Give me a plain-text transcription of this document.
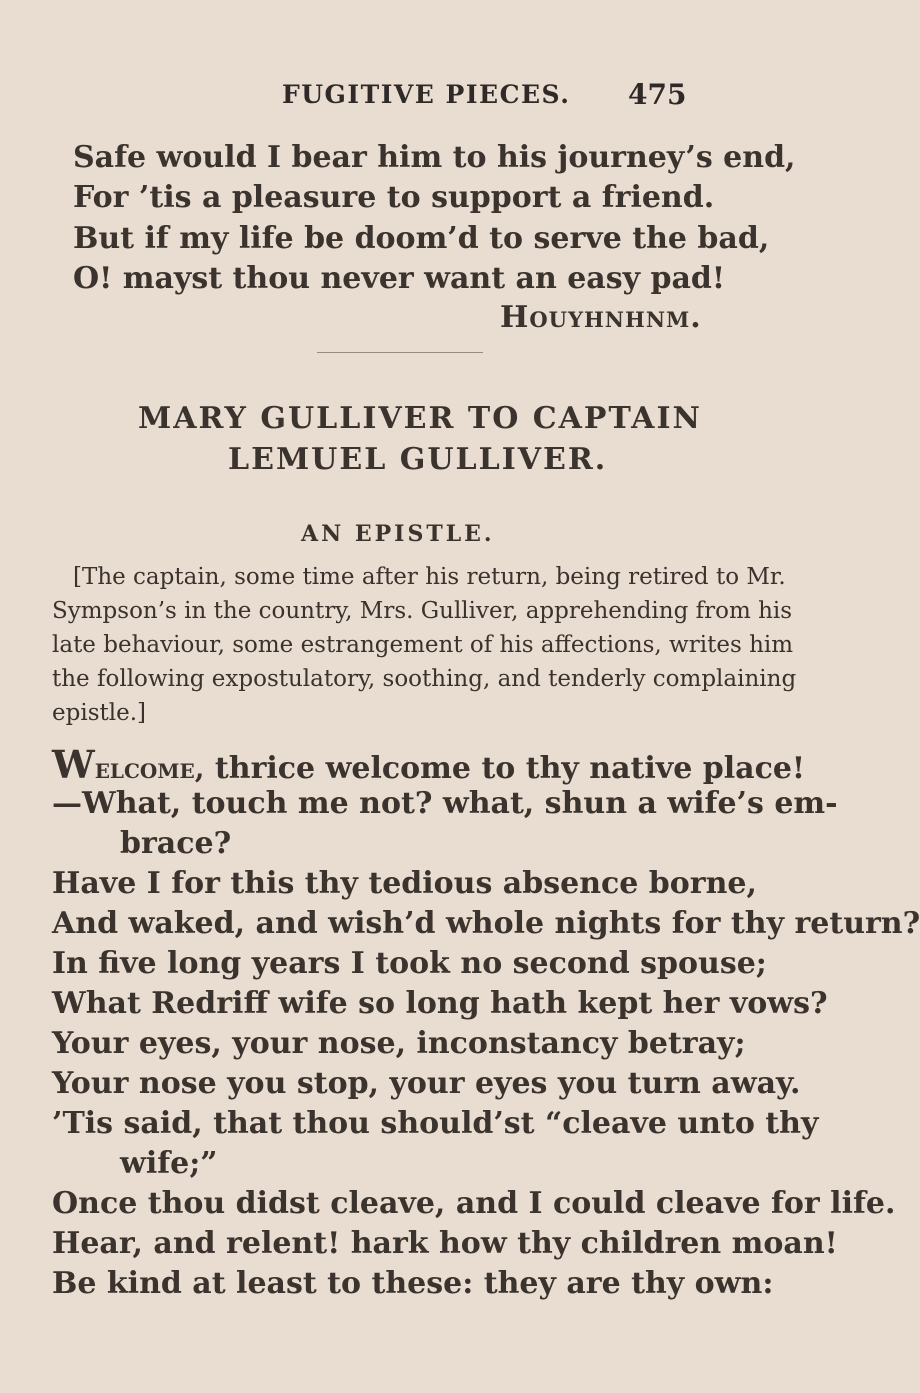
FUGITIVE PIECES. 475
Safe would I bear him to his journey’s end,
For ’tis a pleasure to support a friend.
But if my life be doom’d to serve the bad,
O! mayst thou never want an easy pad!
Houyhnhnm.
MARY GULLIVER TO CAPTAIN
LEMUEL GULLIVER.
AN EPISTLE.
[The captain, some time after his return, being retired to Mr.
Sympson’s in the country, Mrs. Gulliver, apprehending from his
late behaviour, some estrangement of his affections, writes him
the following expostulatory, soothing, and tenderly complaining
epistle.]
Welcome, thrice welcome to thy native place!
—What, touch me not? what, shun a wife’s em-
brace?
Have I for this thy tedious absence borne,
And waked, and wish’d whole nights for thy return?
In five long years I took no second spouse;
What Redriff wife so long hath kept her vows?
Your eyes, your nose, inconstancy betray;
Your nose you stop, your eyes you turn away.
’Tis said, that thou should’st “cleave unto thy
wife;”
Once thou didst cleave, and I could cleave for life.
Hear, and relent! hark how thy children moan!
Be kind at least to these: they are thy own:
